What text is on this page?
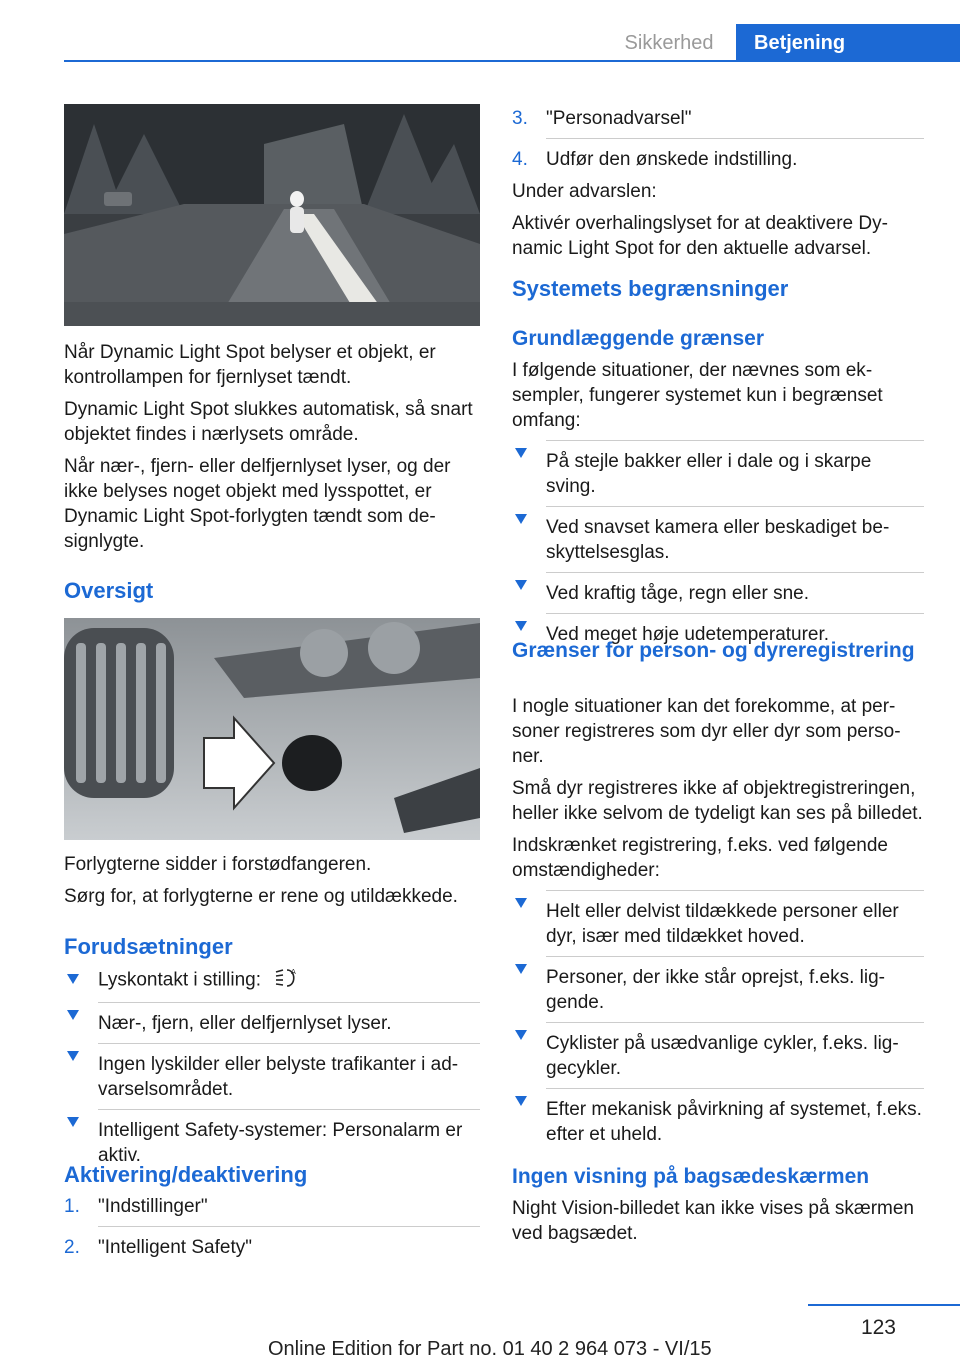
Sikkerhed	Betjening

Når Dynamic Light Spot belyser et objekt, er kontrollampen for fjernlyset tændt.

Dynamic Light Spot slukkes automatisk, så snart objektet findes i nærlysets område.

Når nær-, fjern- eller delfjernlyset lyser, og der ikke belyses noget objekt med lysspottet, er Dynamic Light Spot-forlygten tændt som designlygte.

Oversigt

Forlygterne sidder i forstødfangeren.

Sørg for, at forlygterne er rene og utildækkede.

Forudsætninger
Lyskontakt i stilling:	A
Nær-, fjern, eller delfjernlyset lyser.
Ingen lyskilder eller belyste trafikanter i advarselsområdet.
Intelligent Safety-systemer: Personalarm er aktiv.
Aktivering/deaktivering
1. "Indstillinger"
2. "Intelligent Safety"
3. "Personadvarsel"
4. Udfør den ønskede indstilling.

Under advarslen:

Aktivér overhalingslyset for at deaktivere Dynamic Light Spot for den aktuelle advarsel.

Systemets begrænsninger
Grundlæggende grænser

I følgende situationer, der nævnes som eksempler, fungerer systemet kun i begrænset omfang:

På stejle bakker eller i dale og i skarpe sving.
Ved snavset kamera eller beskadiget beskyttelsesglas.
Ved kraftig tåge, regn eller sne.
Ved meget høje udetemperaturer.
Grænser for person- og dyreregistrering

I nogle situationer kan det forekomme, at personer registreres som dyr eller dyr som personer.

Små dyr registreres ikke af objektregistreringen, heller ikke selvom de tydeligt kan ses på billedet.

Indskrænket registrering, f.eks. ved følgende omstændigheder:

Helt eller delvist tildækkede personer eller dyr, især med tildækket hoved.
Personer, der ikke står oprejst, f.eks. liggende.
Cyklister på usædvanlige cykler, f.eks. liggecykler.
Efter mekanisk påvirkning af systemet, f.eks. efter et uheld.
Ingen visning på bagsædeskærmen

Night Vision-billedet kan ikke vises på skærmen ved bagsædet.

123
Online Edition for Part no. 01 40 2 964 073 - VI/15
